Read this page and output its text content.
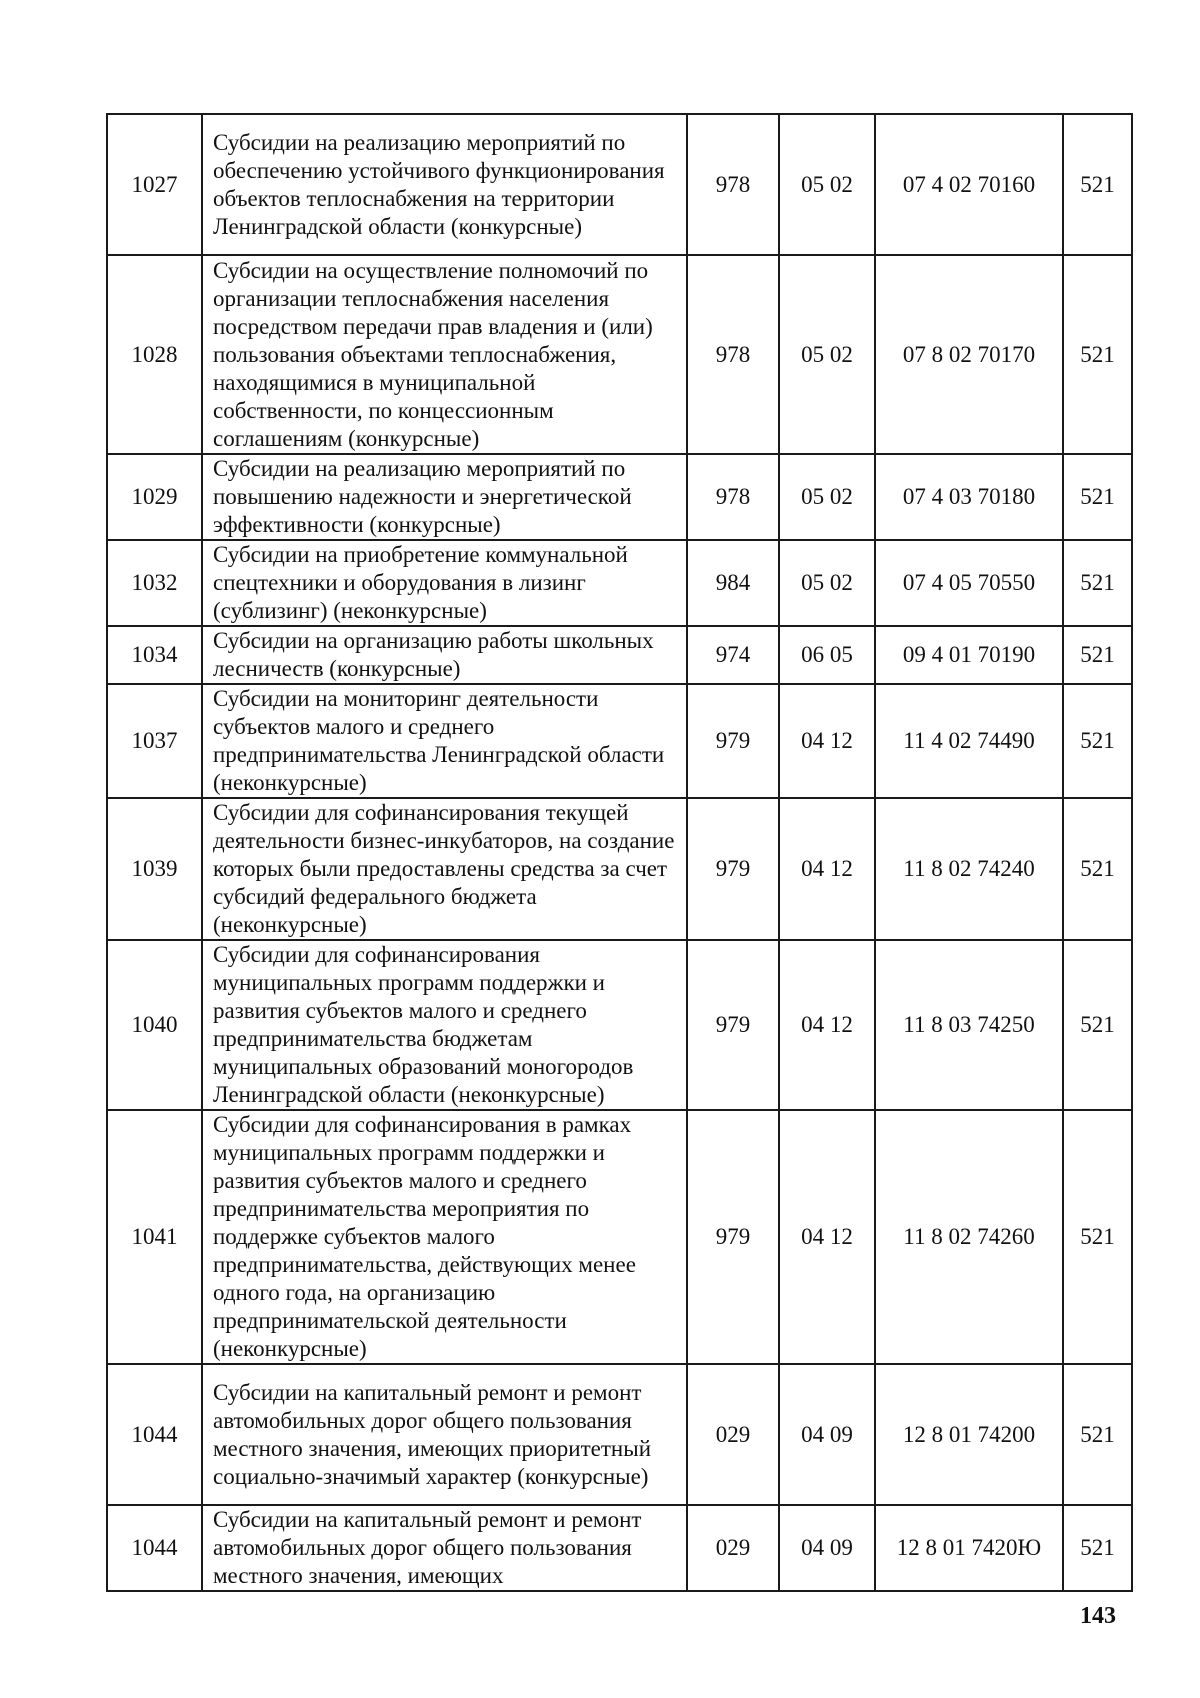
1027	Субсидии на реализацию мероприятий по обеспечению устойчивого функционирования объектов теплоснабжения на территории Ленинградской области (конкурсные)	978	05 02	07 4 02 70160	521
1028	Субсидии на осуществление полномочий по организации теплоснабжения населения посредством передачи прав владения и (или) пользования объектами теплоснабжения, находящимися в муниципальной собственности, по концессионным соглашениям (конкурсные)	978	05 02	07 8 02 70170	521
1029	Субсидии на реализацию мероприятий по повышению надежности и энергетической эффективности (конкурсные)	978	05 02	07 4 03 70180	521
1032	Субсидии на приобретение коммунальной спецтехники и оборудования в лизинг (сублизинг) (неконкурсные)	984	05 02	07 4 05 70550	521
1034	Субсидии на организацию работы школьных лесничеств (конкурсные)	974	06 05	09 4 01 70190	521
1037	Субсидии на мониторинг деятельности субъектов малого и среднего предпринимательства Ленинградской области (неконкурсные)	979	04 12	11 4 02 74490	521
1039	Субсидии для софинансирования текущей деятельности бизнес-инкубаторов, на создание которых были предоставлены средства за счет субсидий федерального бюджета (неконкурсные)	979	04 12	11 8 02 74240	521
1040	Субсидии для софинансирования муниципальных программ поддержки и развития субъектов малого и среднего предпринимательства бюджетам муниципальных образований моногородов Ленинградской области (неконкурсные)	979	04 12	11 8 03 74250	521
1041	Субсидии для софинансирования в рамках муниципальных программ поддержки и развития субъектов малого и среднего предпринимательства мероприятия по поддержке субъектов малого предпринимательства, действующих менее одного года, на организацию предпринимательской деятельности (неконкурсные)	979	04 12	11 8 02 74260	521
1044	Субсидии на капитальный ремонт и ремонт автомобильных дорог общего пользования местного значения, имеющих приоритетный социально-значимый характер (конкурсные)	029	04 09	12 8 01 74200	521
1044	Субсидии на капитальный ремонт и ремонт автомобильных дорог общего пользования местного значения, имеющих	029	04 09	12 8 01 7420Ю	521
143
